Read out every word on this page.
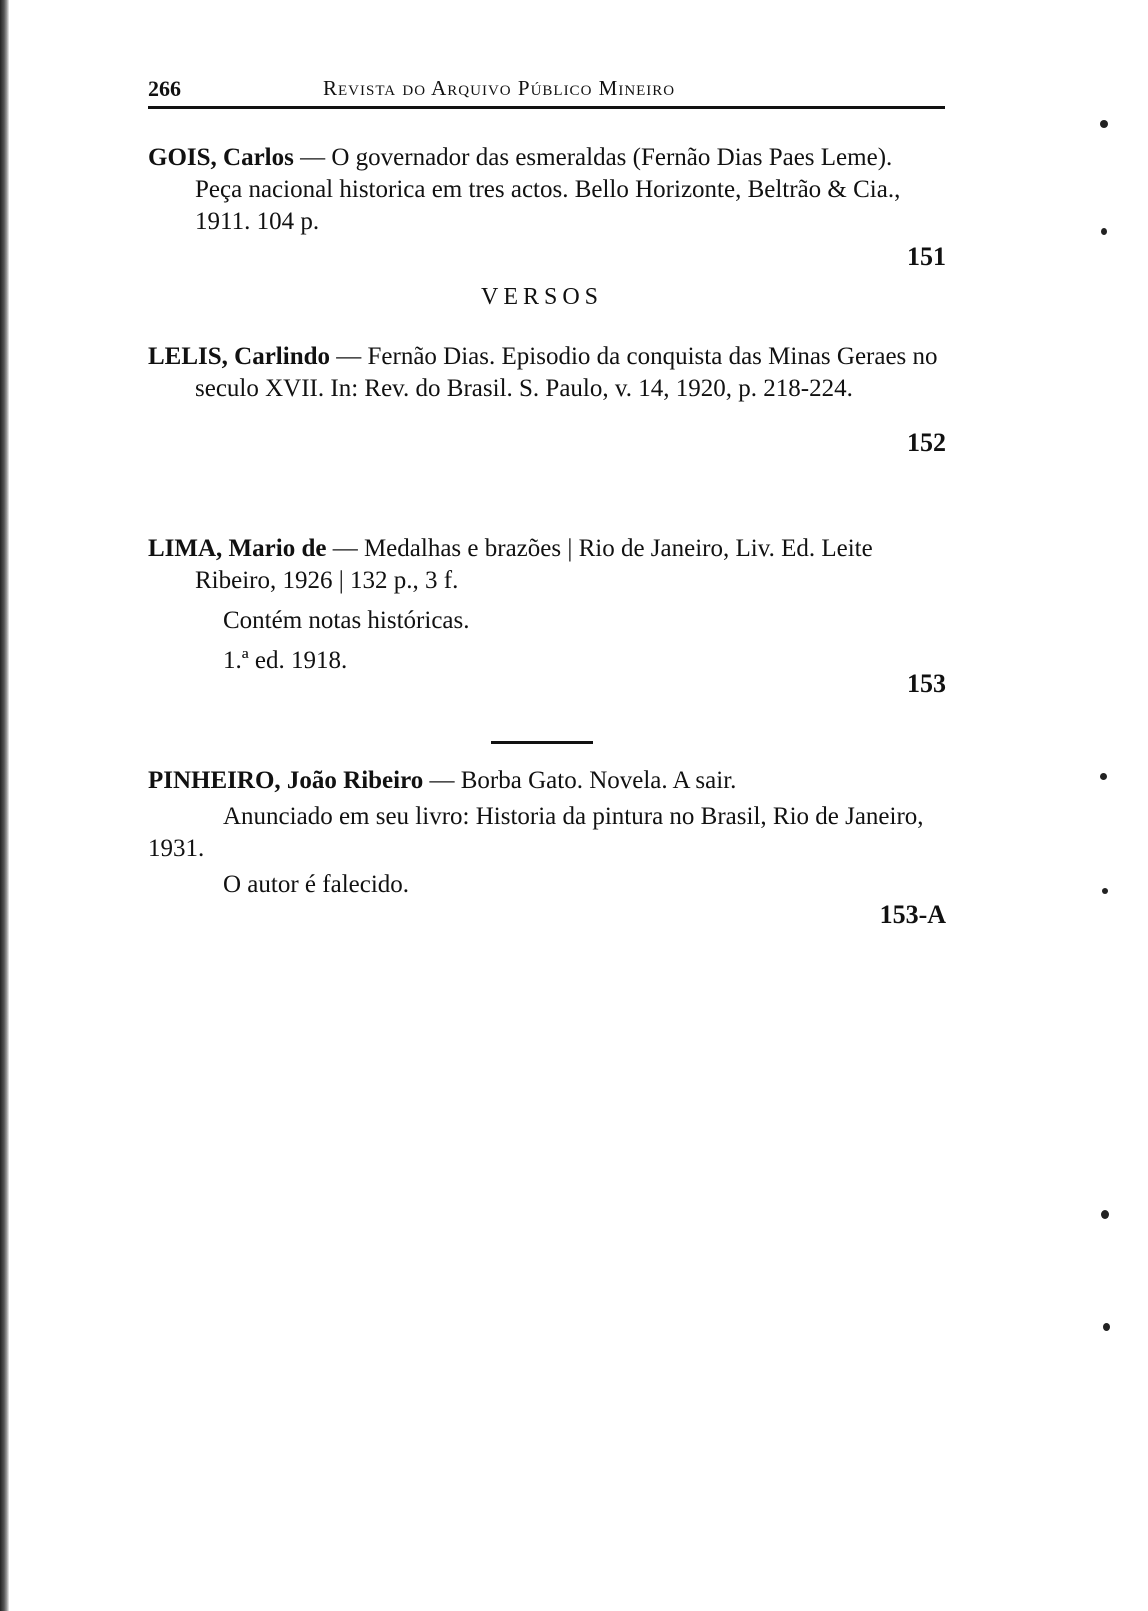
266	Revista do Arquivo Público Mineiro

GOIS, Carlos — O governador das esmeraldas (Fernão Dias Paes Leme). Peça nacional historica em tres actos. Bello Horizonte, Beltrão & Cia., 1911. 104 p.

151
VERSOS

LELIS, Carlindo — Fernão Dias. Episodio da conquista das Minas Geraes no seculo XVII. In: Rev. do Brasil. S. Paulo, v. 14, 1920, p. 218-224.

152

LIMA, Mario de — Medalhas e brazões | Rio de Janeiro, Liv. Ed. Leite Ribeiro, 1926 | 132 p., 3 f.

Contém notas históricas.

1.ª ed. 1918.

153

PINHEIRO, João Ribeiro — Borba Gato. Novela. A sair.

Anunciado em seu livro: Historia da pintura no Brasil, Rio de Janeiro, 1931.

O autor é falecido.

153-A
